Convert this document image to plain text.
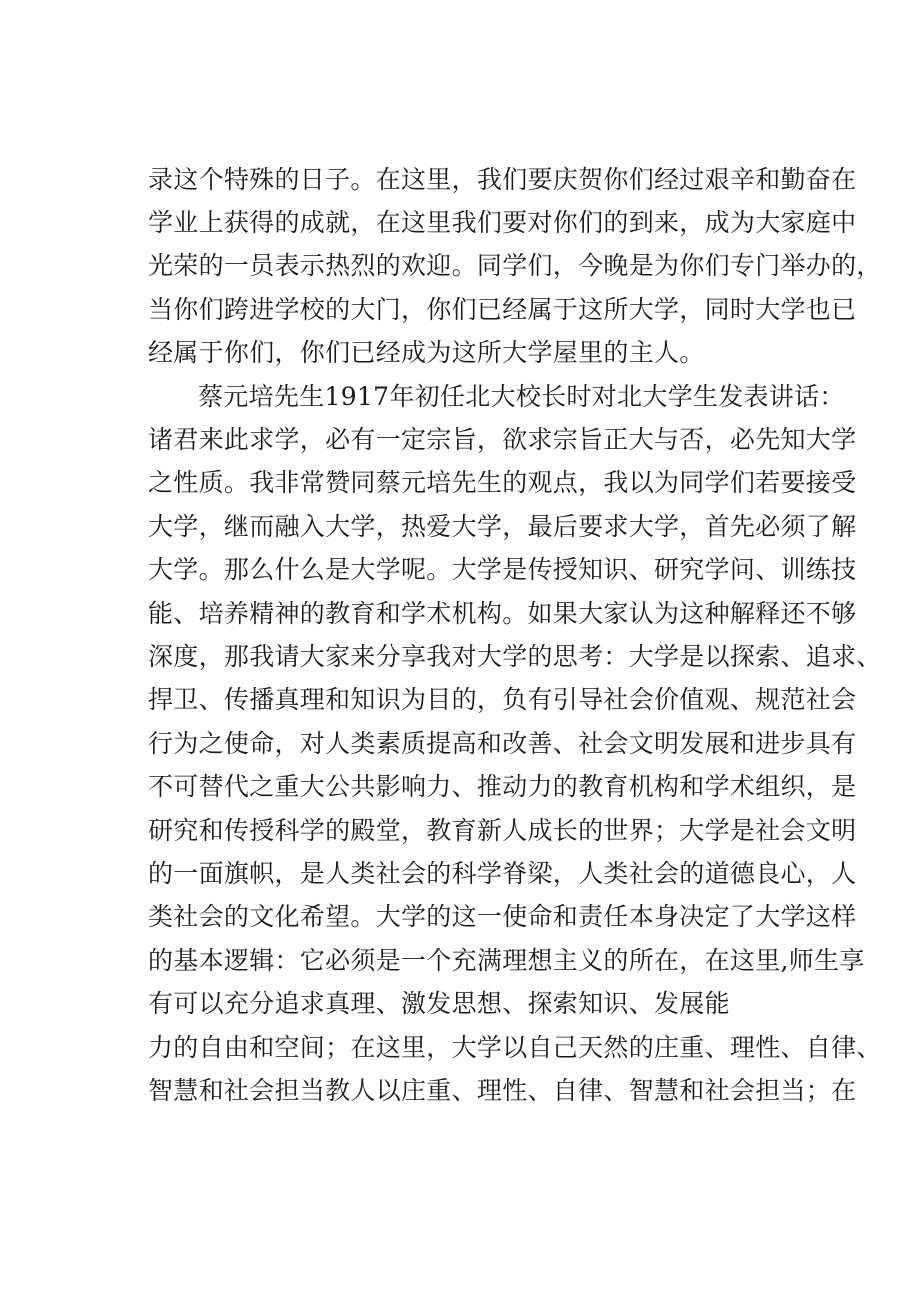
录这个特殊的日子。在这里，我们要庆贺你们经过艰辛和勤奋在
学业上获得的成就，在这里我们要对你们的到来，成为大家庭中
光荣的一员表示热烈的欢迎。同学们，今晚是为你们专门举办的，
当你们跨进学校的大门，你们已经属于这所大学，同时大学也已
经属于你们，你们已经成为这所大学屋里的主人。
蔡元培先生1917年初任北大校长时对北大学生发表讲话：
诸君来此求学，必有一定宗旨，欲求宗旨正大与否，必先知大学
之性质。我非常赞同蔡元培先生的观点，我以为同学们若要接受
大学，继而融入大学，热爱大学，最后要求大学，首先必须了解
大学。那么什么是大学呢。大学是传授知识、研究学问、训练技
能、培养精神的教育和学术机构。如果大家认为这种解释还不够
深度，那我请大家来分享我对大学的思考：大学是以探索、追求、
捍卫、传播真理和知识为目的，负有引导社会价值观、规范社会
行为之使命，对人类素质提高和改善、社会文明发展和进步具有
不可替代之重大公共影响力、推动力的教育机构和学术组织，是
研究和传授科学的殿堂，教育新人成长的世界；大学是社会文明
的一面旗帜，是人类社会的科学脊梁，人类社会的道德良心，人
类社会的文化希望。大学的这一使命和责任本身决定了大学这样
的基本逻辑：它必须是一个充满理想主义的所在，在这里,师生享
有可以充分追求真理、激发思想、探索知识、发展能
力的自由和空间；在这里，大学以自己天然的庄重、理性、自律、
智慧和社会担当教人以庄重、理性、自律、智慧和社会担当；在
